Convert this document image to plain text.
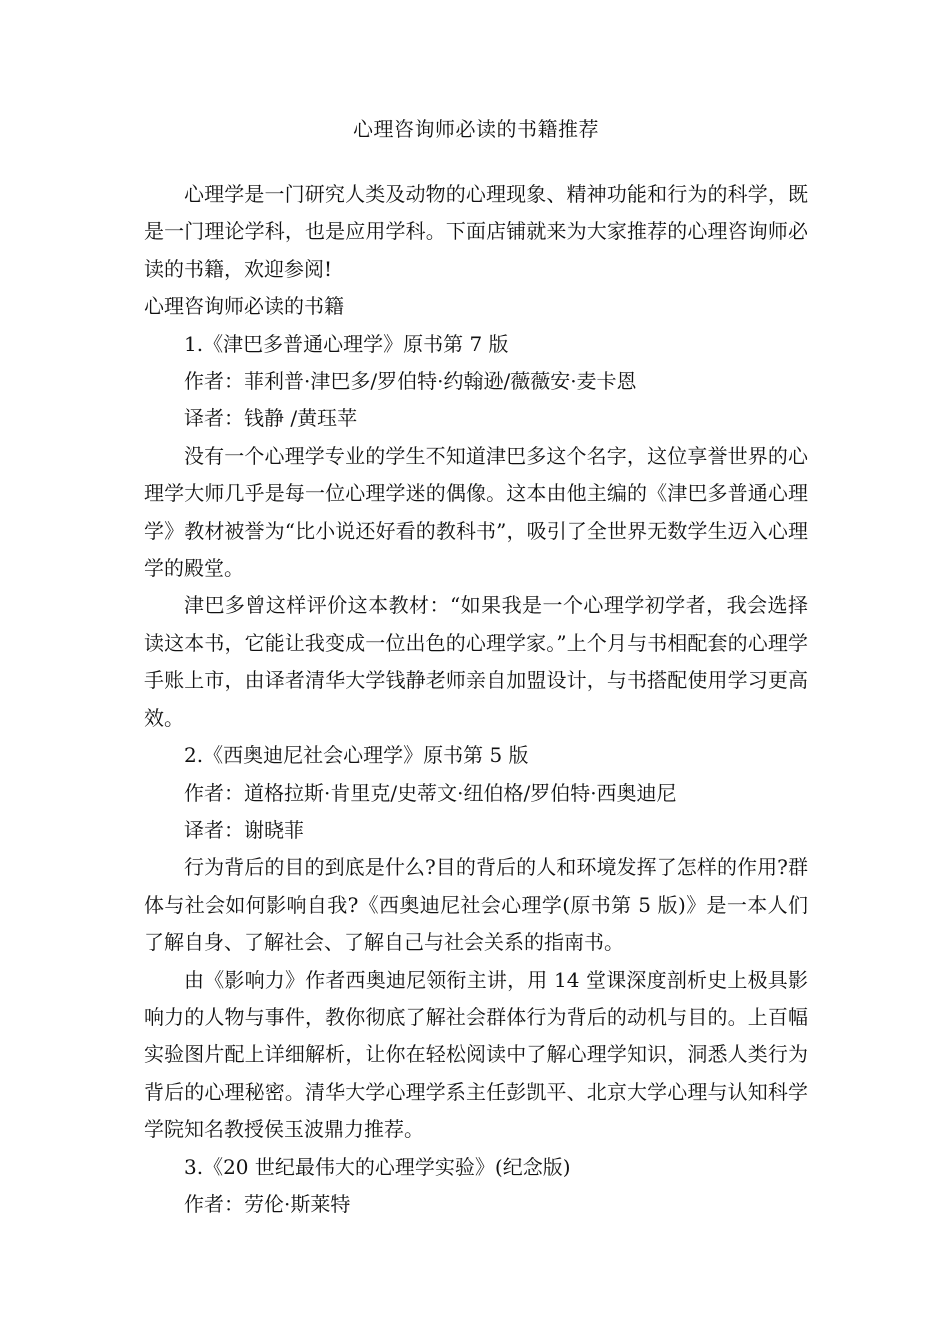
心理咨询师必读的书籍推荐

心理学是一门研究人类及动物的心理现象、精神功能和行为的科学，既是一门理论学科，也是应用学科。下面店铺就来为大家推荐的心理咨询师必读的书籍，欢迎参阅!

心理咨询师必读的书籍

1.《津巴多普通心理学》原书第 7 版

作者：菲利普·津巴多/罗伯特·约翰逊/薇薇安·麦卡恩

译者：钱静 /黄珏苹

没有一个心理学专业的学生不知道津巴多这个名字，这位享誉世界的心理学大师几乎是每一位心理学迷的偶像。这本由他主编的《津巴多普通心理学》教材被誉为“比小说还好看的教科书”，吸引了全世界无数学生迈入心理学的殿堂。

津巴多曾这样评价这本教材：“如果我是一个心理学初学者，我会选择读这本书，它能让我变成一位出色的心理学家。”上个月与书相配套的心理学手账上市，由译者清华大学钱静老师亲自加盟设计，与书搭配使用学习更高效。

2.《西奥迪尼社会心理学》原书第 5 版

作者：道格拉斯·肯里克/史蒂文·纽伯格/罗伯特·西奥迪尼

译者：谢晓菲

行为背后的目的到底是什么?目的背后的人和环境发挥了怎样的作用?群体与社会如何影响自我?《西奥迪尼社会心理学(原书第 5 版)》是一本人们了解自身、了解社会、了解自己与社会关系的指南书。

由《影响力》作者西奥迪尼领衔主讲，用 14 堂课深度剖析史上极具影响力的人物与事件，教你彻底了解社会群体行为背后的动机与目的。上百幅实验图片配上详细解析，让你在轻松阅读中了解心理学知识，洞悉人类行为背后的心理秘密。清华大学心理学系主任彭凯平、北京大学心理与认知科学学院知名教授侯玉波鼎力推荐。

3.《20 世纪最伟大的心理学实验》(纪念版)

作者：劳伦·斯莱特
